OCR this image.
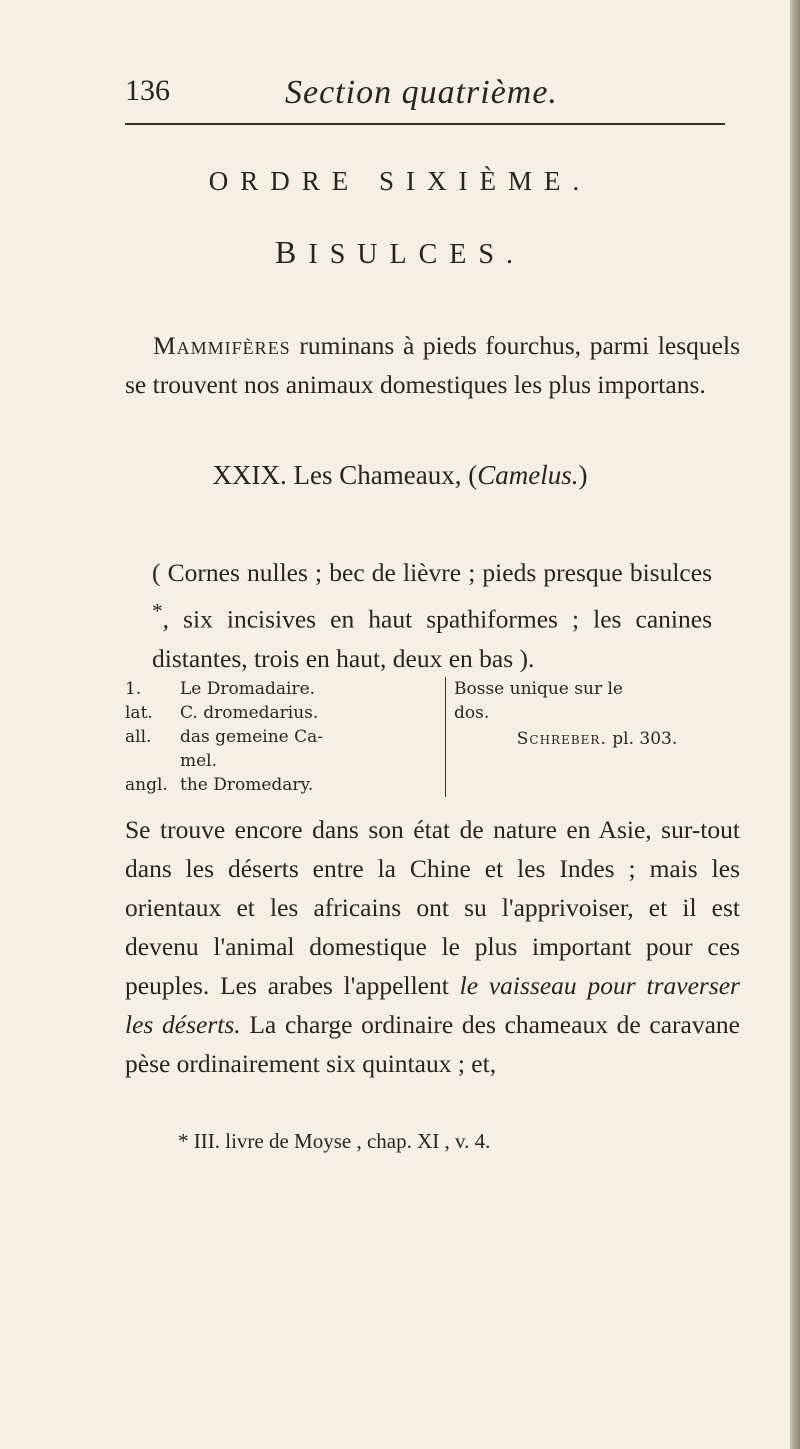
136	Section quatrième.
ORDRE SIXIÈME.
BISULCES.
Mammifères ruminans à pieds fourchus, parmi lesquels se trouvent nos animaux domestiques les plus importans.
XXIX. Les Chameaux, (Camelus.)
( Cornes nulles ; bec de lièvre ; pieds presque bisulces *, six incisives en haut spathiformes ; les canines distantes, trois en haut, deux en bas ).
1.	Le Dromadaire.
lat.	C. dromedarius.
all.	das gemeine Ca-
mel.
angl. the Dromedary.
Bosse unique sur le
dos.
Schreber. pl. 303.
Se trouve encore dans son état de nature en Asie, sur-tout dans les déserts entre la Chine et les Indes ; mais les orientaux et les africains ont su l'apprivoiser, et il est devenu l'animal domestique le plus important pour ces peuples. Les arabes l'appellent le vaisseau pour traverser les déserts. La charge ordinaire des chameaux de caravane pèse ordinairement six quintaux ; et,
* III. livre de Moyse , chap. XI , v. 4.
